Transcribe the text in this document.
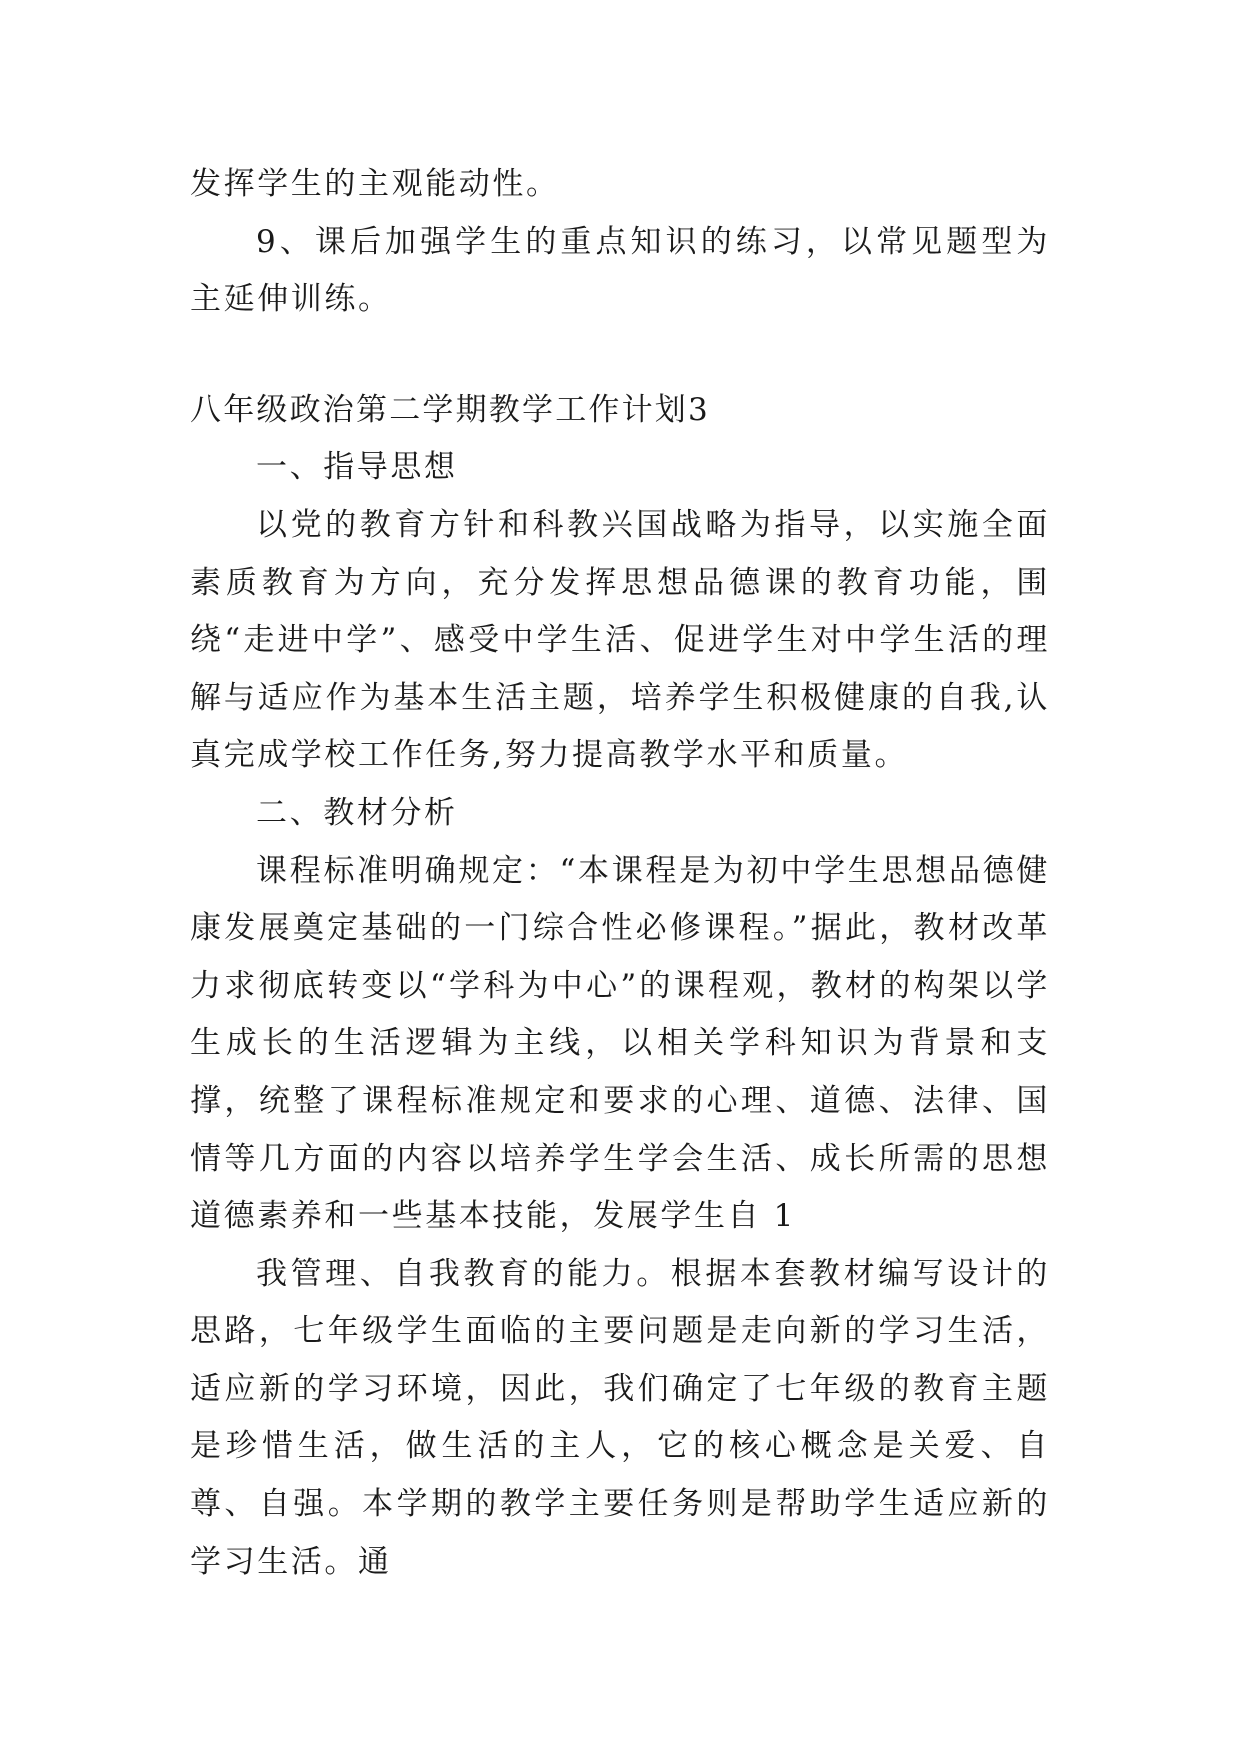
发挥学生的主观能动性。

9、课后加强学生的重点知识的练习，以常见题型为主延伸训练。

八年级政治第二学期教学工作计划3

一、指导思想

以党的教育方针和科教兴国战略为指导，以实施全面素质教育为方向，充分发挥思想品德课的教育功能，围绕“走进中学”、感受中学生活、促进学生对中学生活的理解与适应作为基本生活主题，培养学生积极健康的自我,认真完成学校工作任务,努力提高教学水平和质量。

二、教材分析

课程标准明确规定：“本课程是为初中学生思想品德健康发展奠定基础的一门综合性必修课程。”据此，教材改革力求彻底转变以“学科为中心”的课程观，教材的构架以学生成长的生活逻辑为主线，以相关学科知识为背景和支撑，统整了课程标准规定和要求的心理、道德、法律、国情等几方面的内容以培养学生学会生活、成长所需的思想道德素养和一些基本技能，发展学生自 1

我管理、自我教育的能力。根据本套教材编写设计的思路，七年级学生面临的主要问题是走向新的学习生活，适应新的学习环境，因此，我们确定了七年级的教育主题是珍惜生活，做生活的主人，它的核心概念是关爱、自尊、自强。本学期的教学主要任务则是帮助学生适应新的学习生活。通
